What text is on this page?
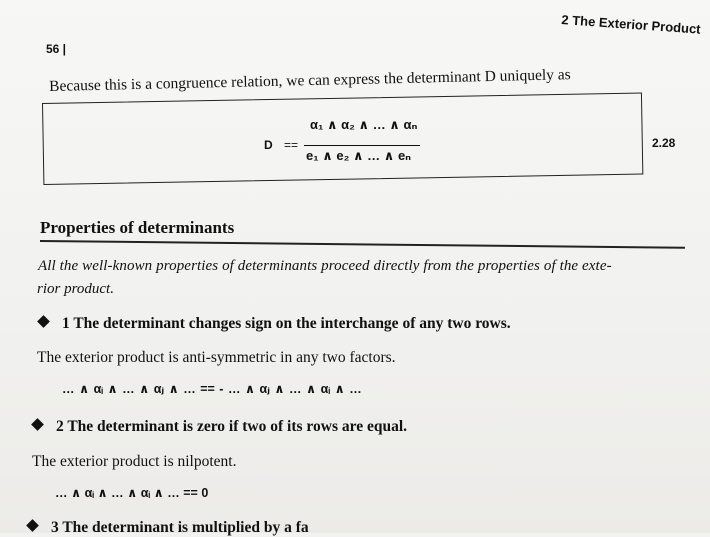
2 The Exterior Product
56 |
Because this is a congruence relation, we can express the determinant D uniquely as
D ==
α₁ ∧ α₂ ∧ … ∧ αₙ
e₁ ∧ e₂ ∧ … ∧ eₙ
2.28
Properties of determinants
All the well-known properties of determinants proceed directly from the properties of the exte-
rior product.
1 The determinant changes sign on the interchange of any two rows.
The exterior product is anti-symmetric in any two factors.
… ∧ αᵢ ∧ … ∧ αⱼ ∧ … == - … ∧ αⱼ ∧ … ∧ αᵢ ∧ …
2 The determinant is zero if two of its rows are equal.
The exterior product is nilpotent.
… ∧ αᵢ ∧ … ∧ αᵢ ∧ … == 0
3 The determinant is multiplied by a fa
